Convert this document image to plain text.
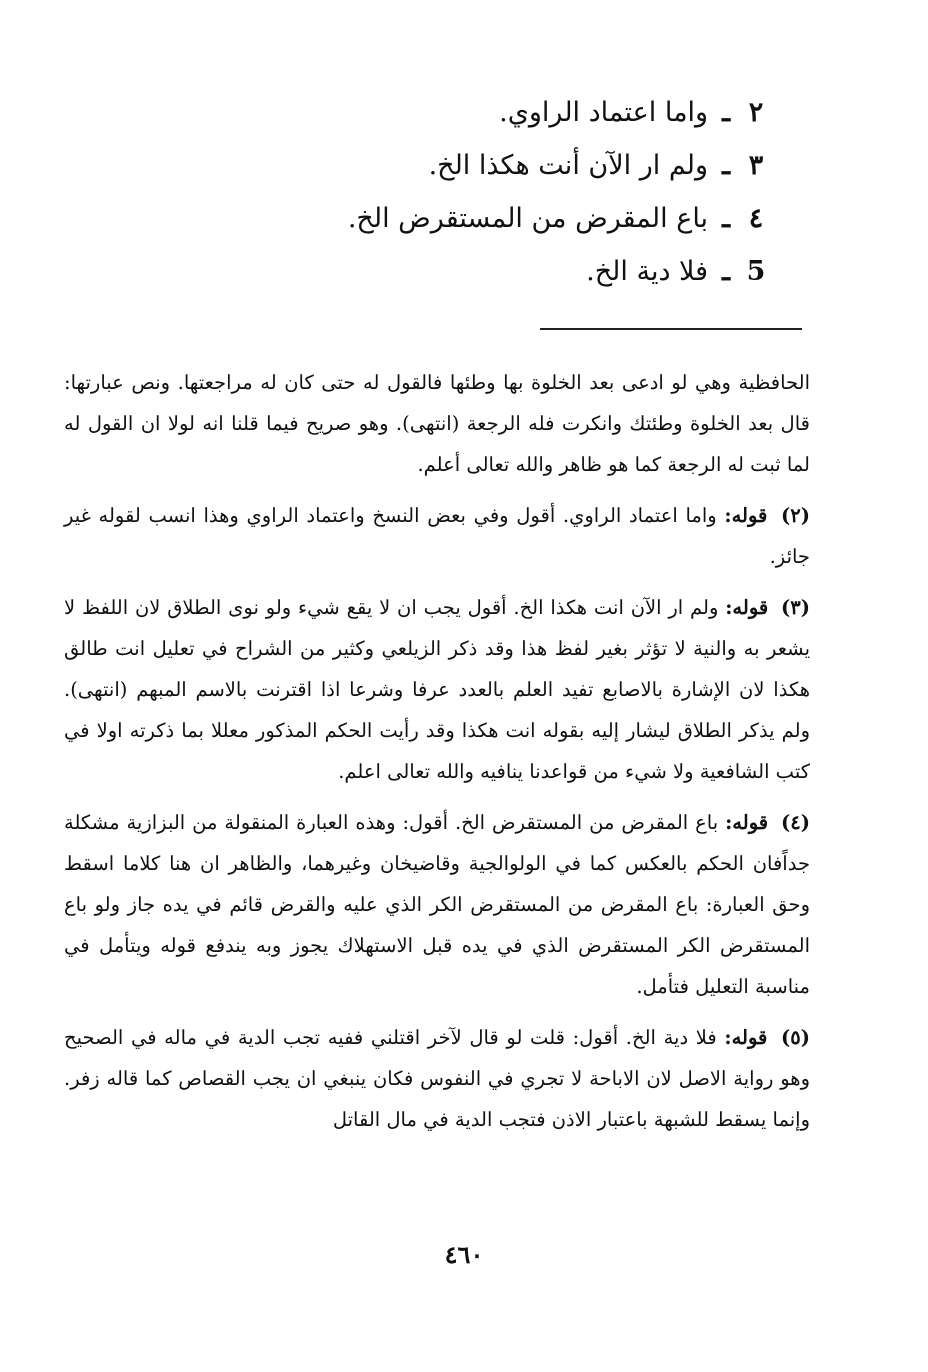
٢
ـ
واما اعتماد الراوي.
٣
ـ
ولم ار الآن أنت هكذا الخ.
٤
ـ
باع المقرض من المستقرض الخ.
5
ـ
فلا دية الخ.

الحافظية وهي لو ادعى بعد الخلوة بها وطئها فالقول له حتى كان له مراجعتها. ونص عبارتها: قال بعد الخلوة وطئتك وانكرت فله الرجعة (انتهى). وهو صريح فيما قلنا انه لولا ان القول له لما ثبت له الرجعة كما هو ظاهر والله تعالى أعلم.

(٢) قوله: واما اعتماد الراوي. أقول وفي بعض النسخ واعتماد الراوي وهذا انسب لقوله غير جائز.

(٣) قوله: ولم ار الآن انت هكذا الخ. أقول يجب ان لا يقع شيء ولو نوى الطلاق لان اللفظ لا يشعر به والنية لا تؤثر بغير لفظ هذا وقد ذكر الزيلعي وكثير من الشراح في تعليل انت طالق هكذا لان الإشارة بالاصابع تفيد العلم بالعدد عرفا وشرعا اذا اقترنت بالاسم المبهم (انتهى). ولم يذكر الطلاق ليشار إليه بقوله انت هكذا وقد رأيت الحكم المذكور معللا بما ذكرته اولا في كتب الشافعية ولا شيء من قواعدنا ينافيه والله تعالى اعلم.

(٤) قوله: باع المقرض من المستقرض الخ. أقول: وهذه العبارة المنقولة من البزازية مشكلة جداًفان الحكم بالعكس كما في الولوالجية وقاضيخان وغيرهما، والظاهر ان هنا كلاما اسقط وحق العبارة: باع المقرض من المستقرض الكر الذي عليه والقرض قائم في يده جاز ولو باع المستقرض الكر المستقرض الذي في يده قبل الاستهلاك يجوز وبه يندفع قوله ويتأمل في مناسبة التعليل فتأمل.

(٥) قوله: فلا دية الخ. أقول: قلت لو قال لآخر اقتلني ففيه تجب الدية في ماله في الصحيح وهو رواية الاصل لان الاباحة لا تجري في النفوس فكان ينبغي ان يجب القصاص كما قاله زفر. وإنما يسقط للشبهة باعتبار الاذن فتجب الدية في مال القاتل

٤٦٠
